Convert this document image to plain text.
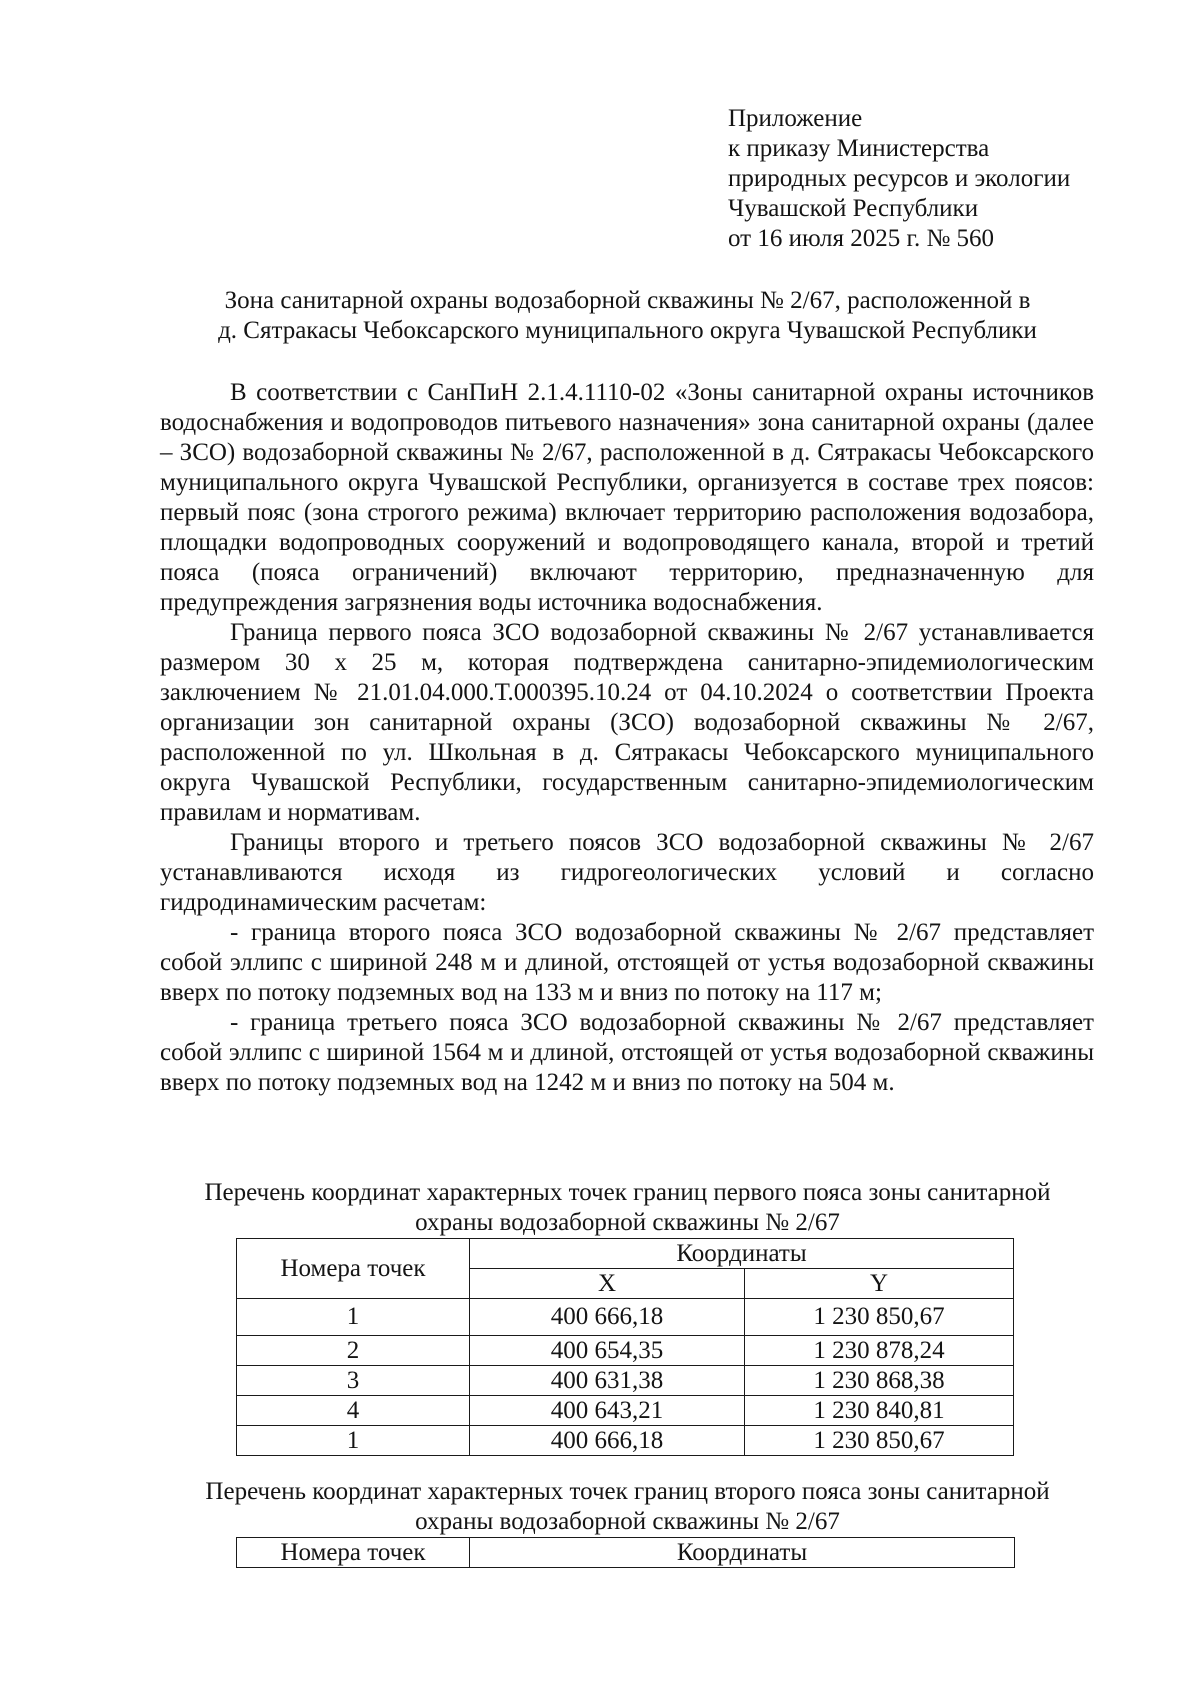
Приложение
к приказу Министерства
природных ресурсов и экологии
Чувашской Республики
от 16 июля 2025 г. № 560
Зона санитарной охраны водозаборной скважины № 2/67, расположенной в
д. Сятракасы Чебоксарского муниципального округа Чувашской Республики

В соответствии с СанПиН 2.1.4.1110-02 «Зоны санитарной охраны источников водоснабжения и водопроводов питьевого назначения» зона санитарной охраны (далее – ЗСО) водозаборной скважины № 2/67, расположенной в д. Сятракасы Чебоксарского муниципального округа Чувашской Республики, организуется в составе трех поясов: первый пояс (зона строгого режима) включает территорию расположения водозабора, площадки водопроводных сооружений и водопроводящего канала, второй и третий пояса (пояса ограничений) включают территорию, предназначенную для предупреждения загрязнения воды источника водоснабжения.

Граница первого пояса ЗСО водозаборной скважины № 2/67 устанавливается размером 30 х 25 м, которая подтверждена санитарно-эпидемиологическим заключением № 21.01.04.000.Т.000395.10.24 от 04.10.2024 о соответствии Проекта организации зон санитарной охраны (ЗСО) водозаборной скважины № 2/67, расположенной по ул. Школьная в д. Сятракасы Чебоксарского муниципального округа Чувашской Республики, государственным санитарно-эпидемиологическим правилам и нормативам.

Границы второго и третьего поясов ЗСО водозаборной скважины № 2/67 устанавливаются исходя из гидрогеологических условий и согласно гидродинамическим расчетам:

- граница второго пояса ЗСО водозаборной скважины № 2/67 представляет собой эллипс с шириной 248 м и длиной, отстоящей от устья водозаборной скважины вверх по потоку подземных вод на 133 м и вниз по потоку на 117 м;

- граница третьего пояса ЗСО водозаборной скважины № 2/67 представляет собой эллипс с шириной 1564 м и длиной, отстоящей от устья водозаборной скважины вверх по потоку подземных вод на 1242 м и вниз по потоку на 504 м.

Перечень координат характерных точек границ первого пояса зоны санитарной
охраны водозаборной скважины № 2/67
Номера точек	Координаты	
	X	Y
1	400 666,18	1 230 850,67
2	400 654,35	1 230 878,24
3	400 631,38	1 230 868,38
4	400 643,21	1 230 840,81
1	400 666,18	1 230 850,67
Перечень координат характерных точек границ второго пояса зоны санитарной
охраны водозаборной скважины № 2/67
Номера точек	Координаты
